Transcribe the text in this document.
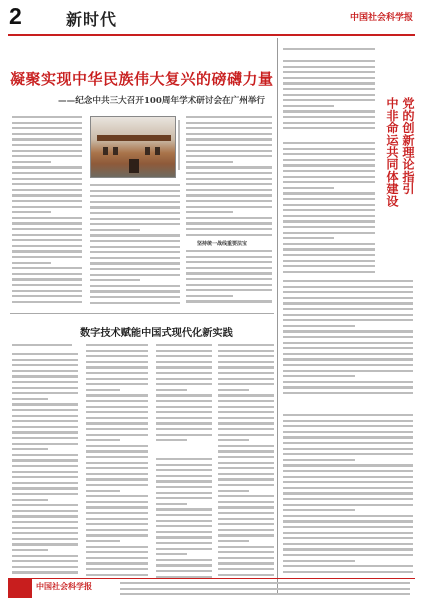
2	新时代	中国社会科学报
凝聚实现中华民族伟大复兴的磅礴力量
——纪念中共三大召开100周年学术研讨会在广州举行	党的创新理论指引
中非命运共同体建设
坚持统一战线重要法宝
数字技术赋能中国式现代化新实践
中国社会科学报
